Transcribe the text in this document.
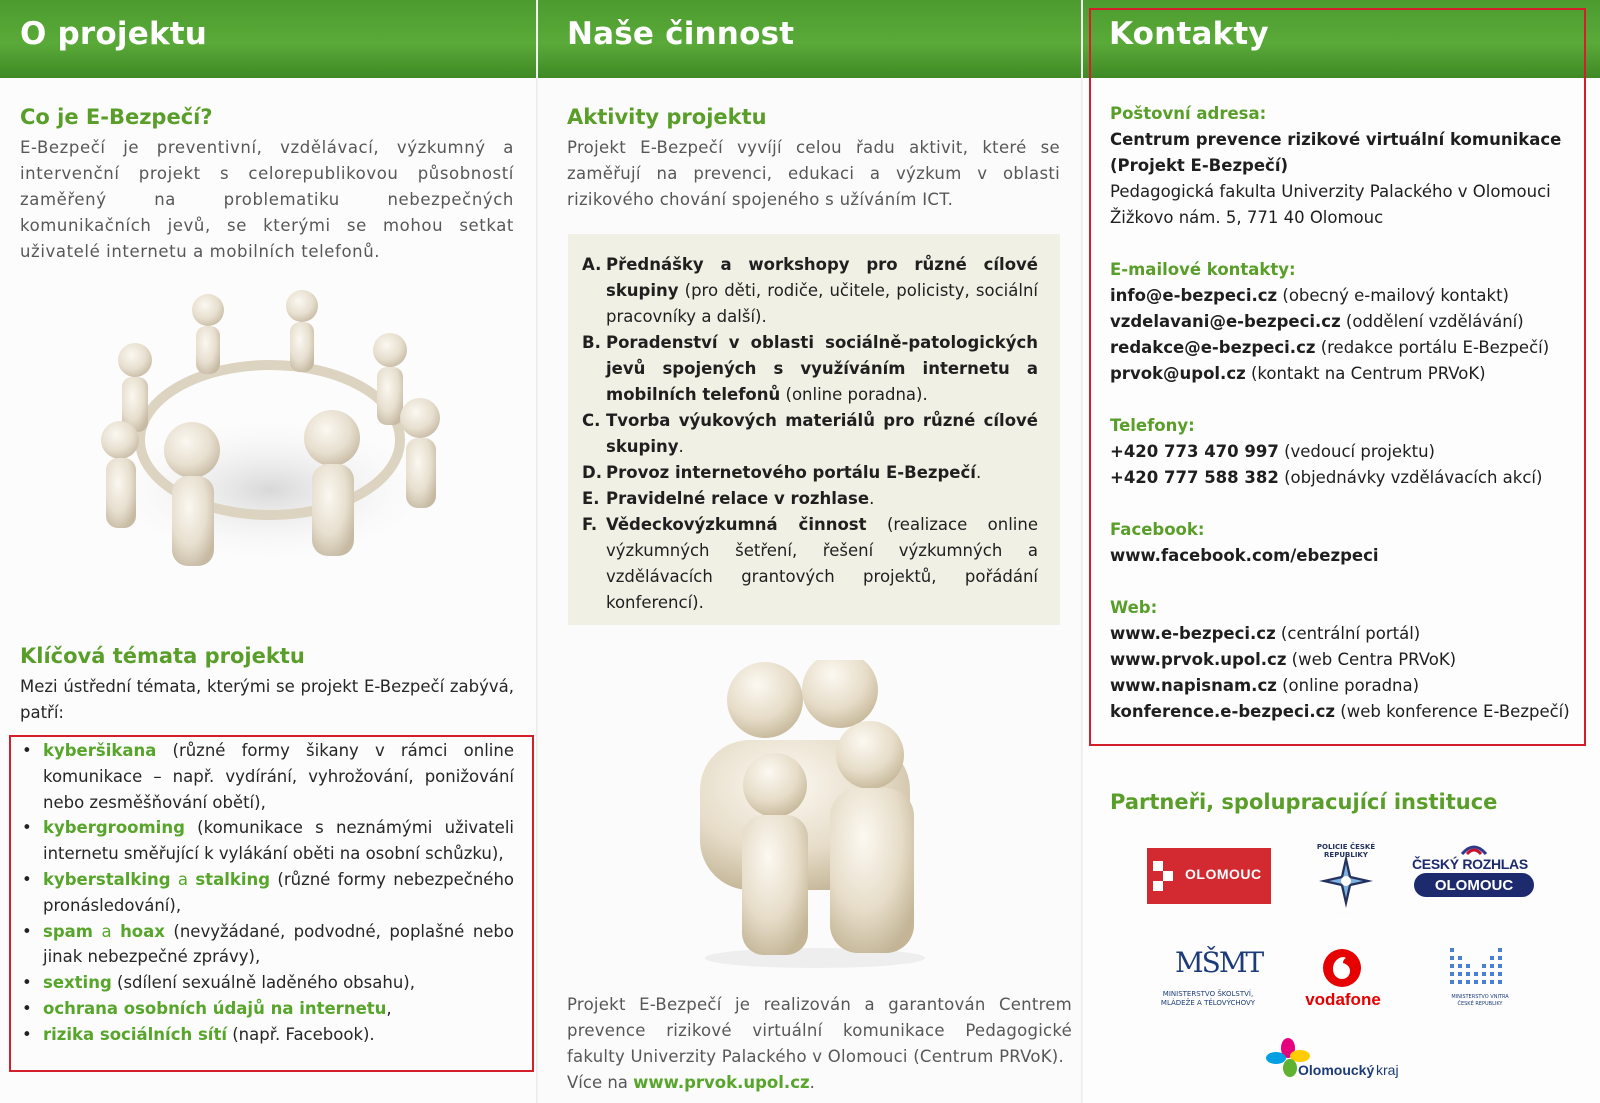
O projektu	Naše činnost	Kontakty
Co je E-Bezpečí?

E-Bezpečí je preventivní, vzdělávací, výzkumný a intervenční projekt s celorepublikovou působností zaměřený na problematiku nebezpečných komunikačních jevů, se kterými se mohou setkat uživatelé internetu a mobilních telefonů.

Klíčová témata projektu

Mezi ústřední témata, kterými se projekt E-Bezpečí zabývá, patří:

• kyberšikana (různé formy šikany v rámci online komunikace – např. vydírání, vyhrožování, ponižování nebo zesměšňování obětí),
• kybergrooming (komunikace s neznámými uživateli internetu směřující k vylákání oběti na osobní schůzku),
• kyberstalking a stalking (různé formy nebezpečného pronásledování),
• spam a hoax (nevyžádané, podvodné, poplašné nebo jinak nebezpečné zprávy),
• sexting (sdílení sexuálně laděného obsahu),
• ochrana osobních údajů na internetu,
• rizika sociálních sítí (např. Facebook).
Aktivity projektu

Projekt E-Bezpečí vyvíjí celou řadu aktivit, které se zaměřují na prevenci, edukaci a výzkum v oblasti rizikového chování spojeného s užíváním ICT.

A. Přednášky a workshopy pro různé cílové skupiny (pro děti, rodiče, učitele, policisty, sociální pracovníky a další).
B. Poradenství v oblasti sociálně-patologických jevů spojených s využíváním internetu a mobilních telefonů (online poradna).
C. Tvorba výukových materiálů pro různé cílové skupiny.
D. Provoz internetového portálu E-Bezpečí.
E. Pravidelné relace v rozhlase.
F. Vědeckovýzkumná činnost (realizace online výzkumných šetření, řešení výzkumných a vzdělávacích grantových projektů, pořádání konferencí).

Projekt E-Bezpečí je realizován a garantován Centrem prevence rizikové virtuální komunikace Pedagogické fakulty Univerzity Palackého v Olomouci (Centrum PRVoK).

Více na www.prvok.upol.cz.
Poštovní adresa:
Centrum prevence rizikové virtuální komunikace
(Projekt E-Bezpečí)
Pedagogická fakulta Univerzity Palackého v Olomouci
Žižkovo nám. 5, 771 40 Olomouc
E-mailové kontakty:
info@e-bezpeci.cz (obecný e-mailový kontakt)
vzdelavani@e-bezpeci.cz (oddělení vzdělávání)
redakce@e-bezpeci.cz (redakce portálu E-Bezpečí)
prvok@upol.cz (kontakt na Centrum PRVoK)
Telefony:
+420 773 470 997 (vedoucí projektu)
+420 777 588 382 (objednávky vzdělávacích akcí)
Facebook:
www.facebook.com/ebezpeci
Web:
www.e-bezpeci.cz (centrální portál)
www.prvok.upol.cz (web Centra PRVoK)
www.napisnam.cz (online poradna)
konference.e-bezpeci.cz (web konference E-Bezpečí)
Partneři, spolupracující instituce
OLOMOUC
POLICIE ČESKÉ REPUBLIKY
ČESKÝ ROZHLAS
OLOMOUC
MŠMT
MINISTERSTVO ŠKOLSTVÍ,
MLÁDEŽE A TĚLOVÝCHOVY	vodafone	MINISTERSTVO VNITRA
ČESKÉ REPUBLIKY
Olomoucký kraj
